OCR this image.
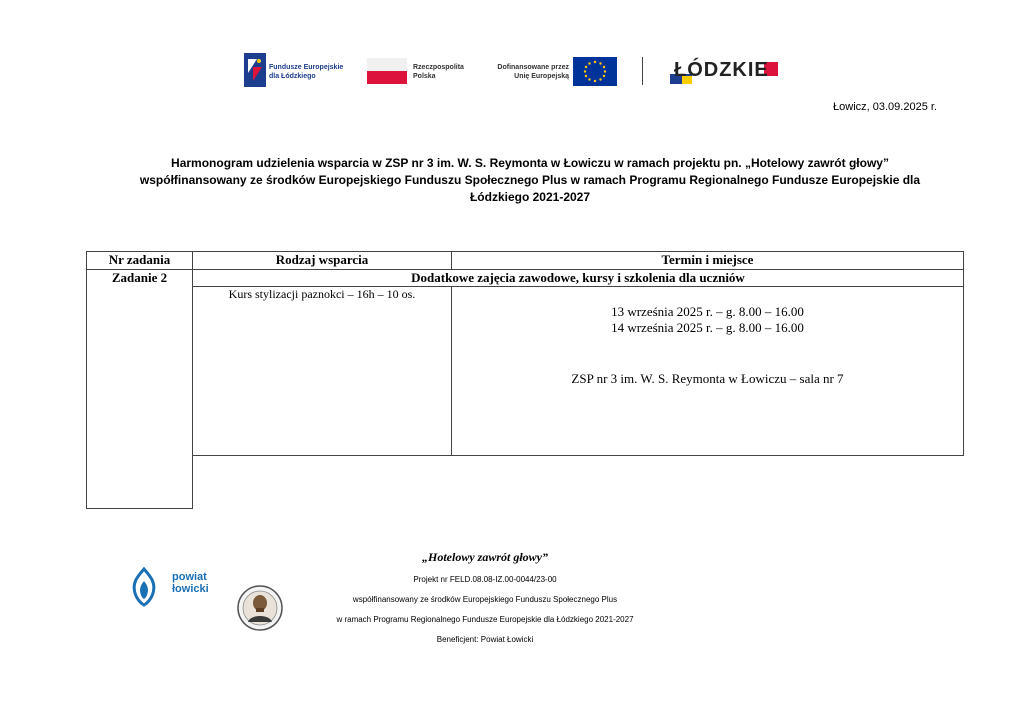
Fundusze Europejskie
dla Łódzkiego
Rzeczpospolita
Polska
Dofinansowane przez
Unię Europejską	ŁÓDZKIE
Łowicz, 03.09.2025 r.
Harmonogram udzielenia wsparcia w ZSP nr 3 im. W. S. Reymonta w Łowiczu w ramach projektu pn. „Hotelowy zawrót głowy”
współfinansowany ze środków Europejskiego Funduszu Społecznego Plus w ramach Programu Regionalnego Fundusze Europejskie dla
Łódzkiego 2021-2027
Nr zadania	Rodzaj wsparcia	Termin i miejsce
Zadanie 2	Dodatkowe zajęcia zawodowe, kursy i szkolenia dla uczniów	
	Kurs stylizacji paznokci – 16h – 10 os.	13 września 2025 r. – g. 8.00 – 16.00
14 września 2025 r. – g. 8.00 – 16.00
ZSP nr 3 im. W. S. Reymonta w Łowiczu – sala nr 7

powiat
łowicki
„Hotelowy zawrót głowy”
Projekt nr FELD.08.08-IZ.00-0044/23-00
współfinansowany ze środków Europejskiego Funduszu Społecznego Plus
w ramach Programu Regionalnego Fundusze Europejskie dla Łódzkiego 2021-2027
Beneficjent: Powiat Łowicki
